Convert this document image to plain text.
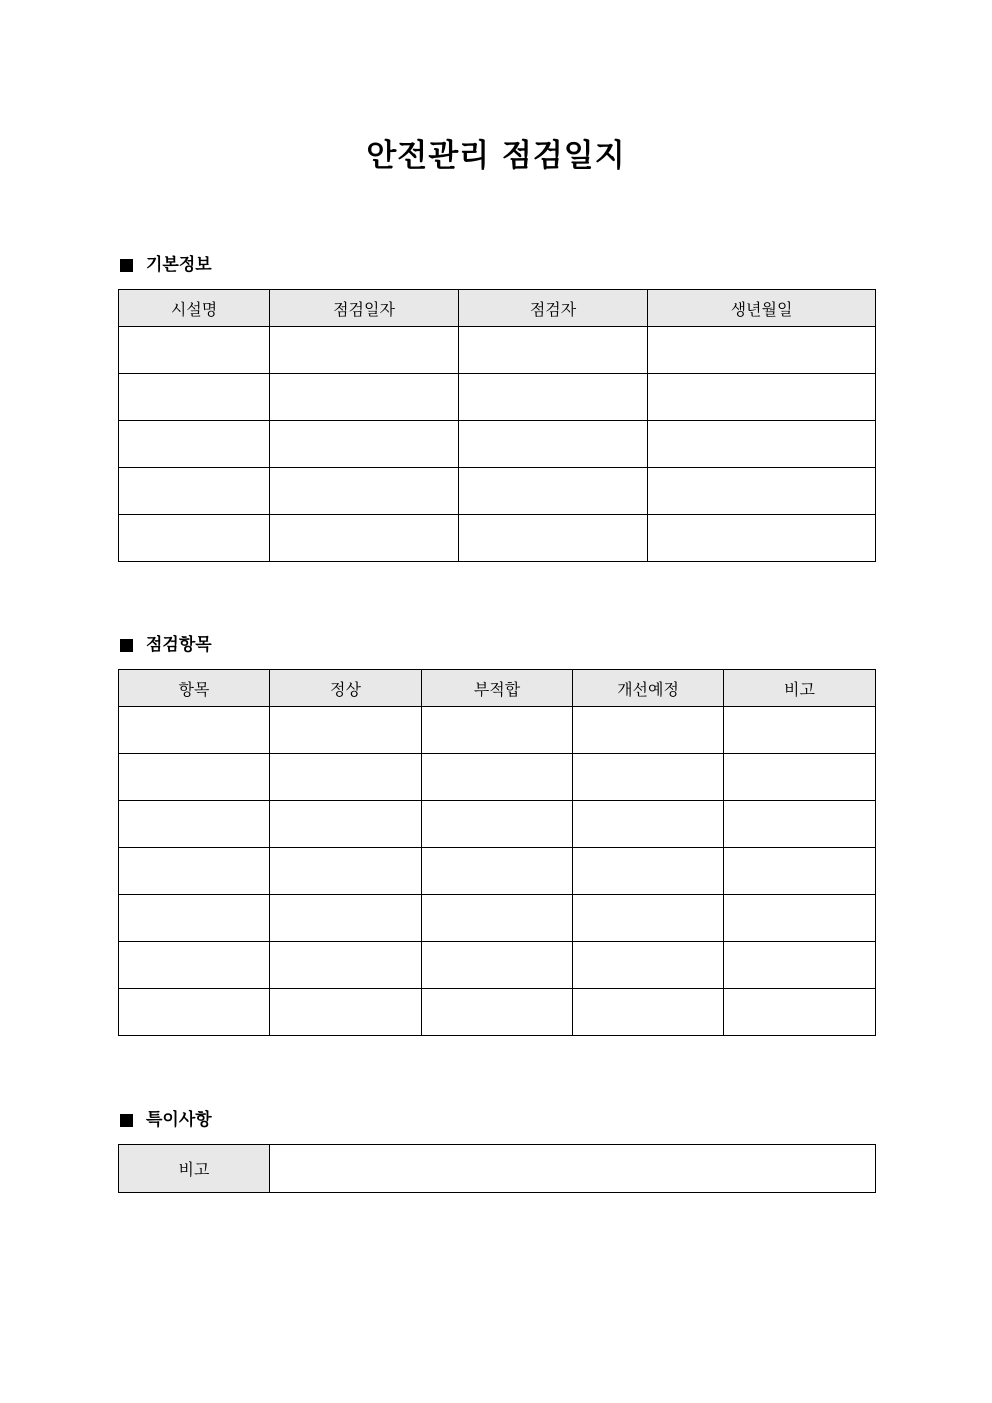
안전관리 점검일지
기본정보
시설명	점검일자	점검자	생년월일

점검항목
항목	정상	부적합	개선예정	비고

특이사항
비고	
